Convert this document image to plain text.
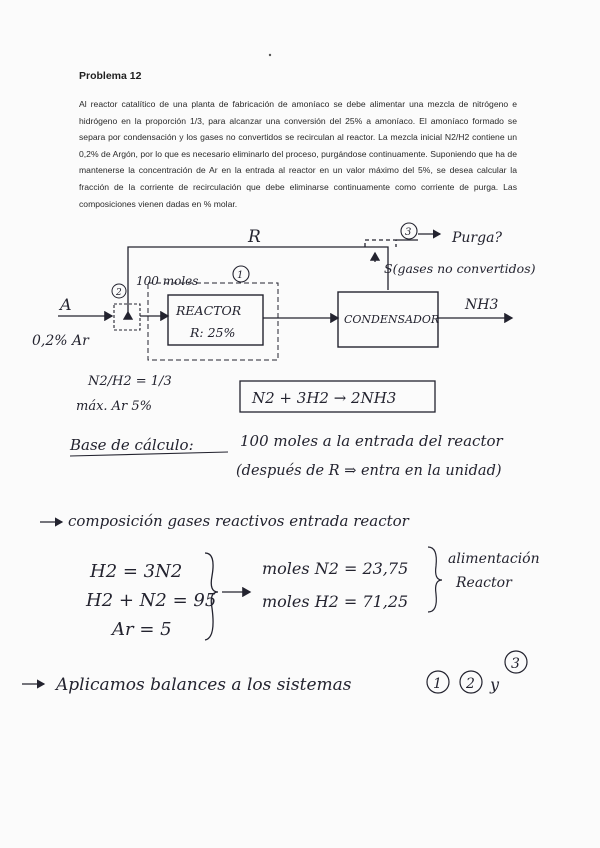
Problema 12
Al reactor catalítico de una planta de fabricación de amoníaco se debe alimentar una mezcla de nitrógeno e hidrógeno en la proporción 1/3, para alcanzar una conversión del 25% a amoníaco. El amoníaco formado se separa por condensación y los gases no convertidos se recirculan al reactor. La mezcla inicial N2/H2 contiene un 0,2% de Argón, por lo que es necesario eliminarlo del proceso, purgándose continuamente. Suponiendo que ha de mantenerse la concentración de Ar en la entrada al reactor en un valor máximo del 5%, se desea calcular la fracción de la corriente de recirculación que debe eliminarse continuamente como corriente de purga. Las composiciones vienen dadas en % molar.
R	3	Purga?
S(gases no convertidos)
A
0,2% Ar
2
100 moles	1
REACTOR
R: 25%
CONDENSADOR
NH3
N2/H2 = 1/3
máx. Ar 5%	N2 + 3H2 → 2NH3
Base de cálculo:	100 moles a la entrada del reactor
(después de R ⇒ entra en la unidad)
composición gases reactivos entrada reactor
H2 = 3N2
H2 + N2 = 95
Ar = 5
moles N2 = 23,75
moles H2 = 71,25
alimentación
Reactor
Aplicamos balances a los sistemas	1 2 y
3
